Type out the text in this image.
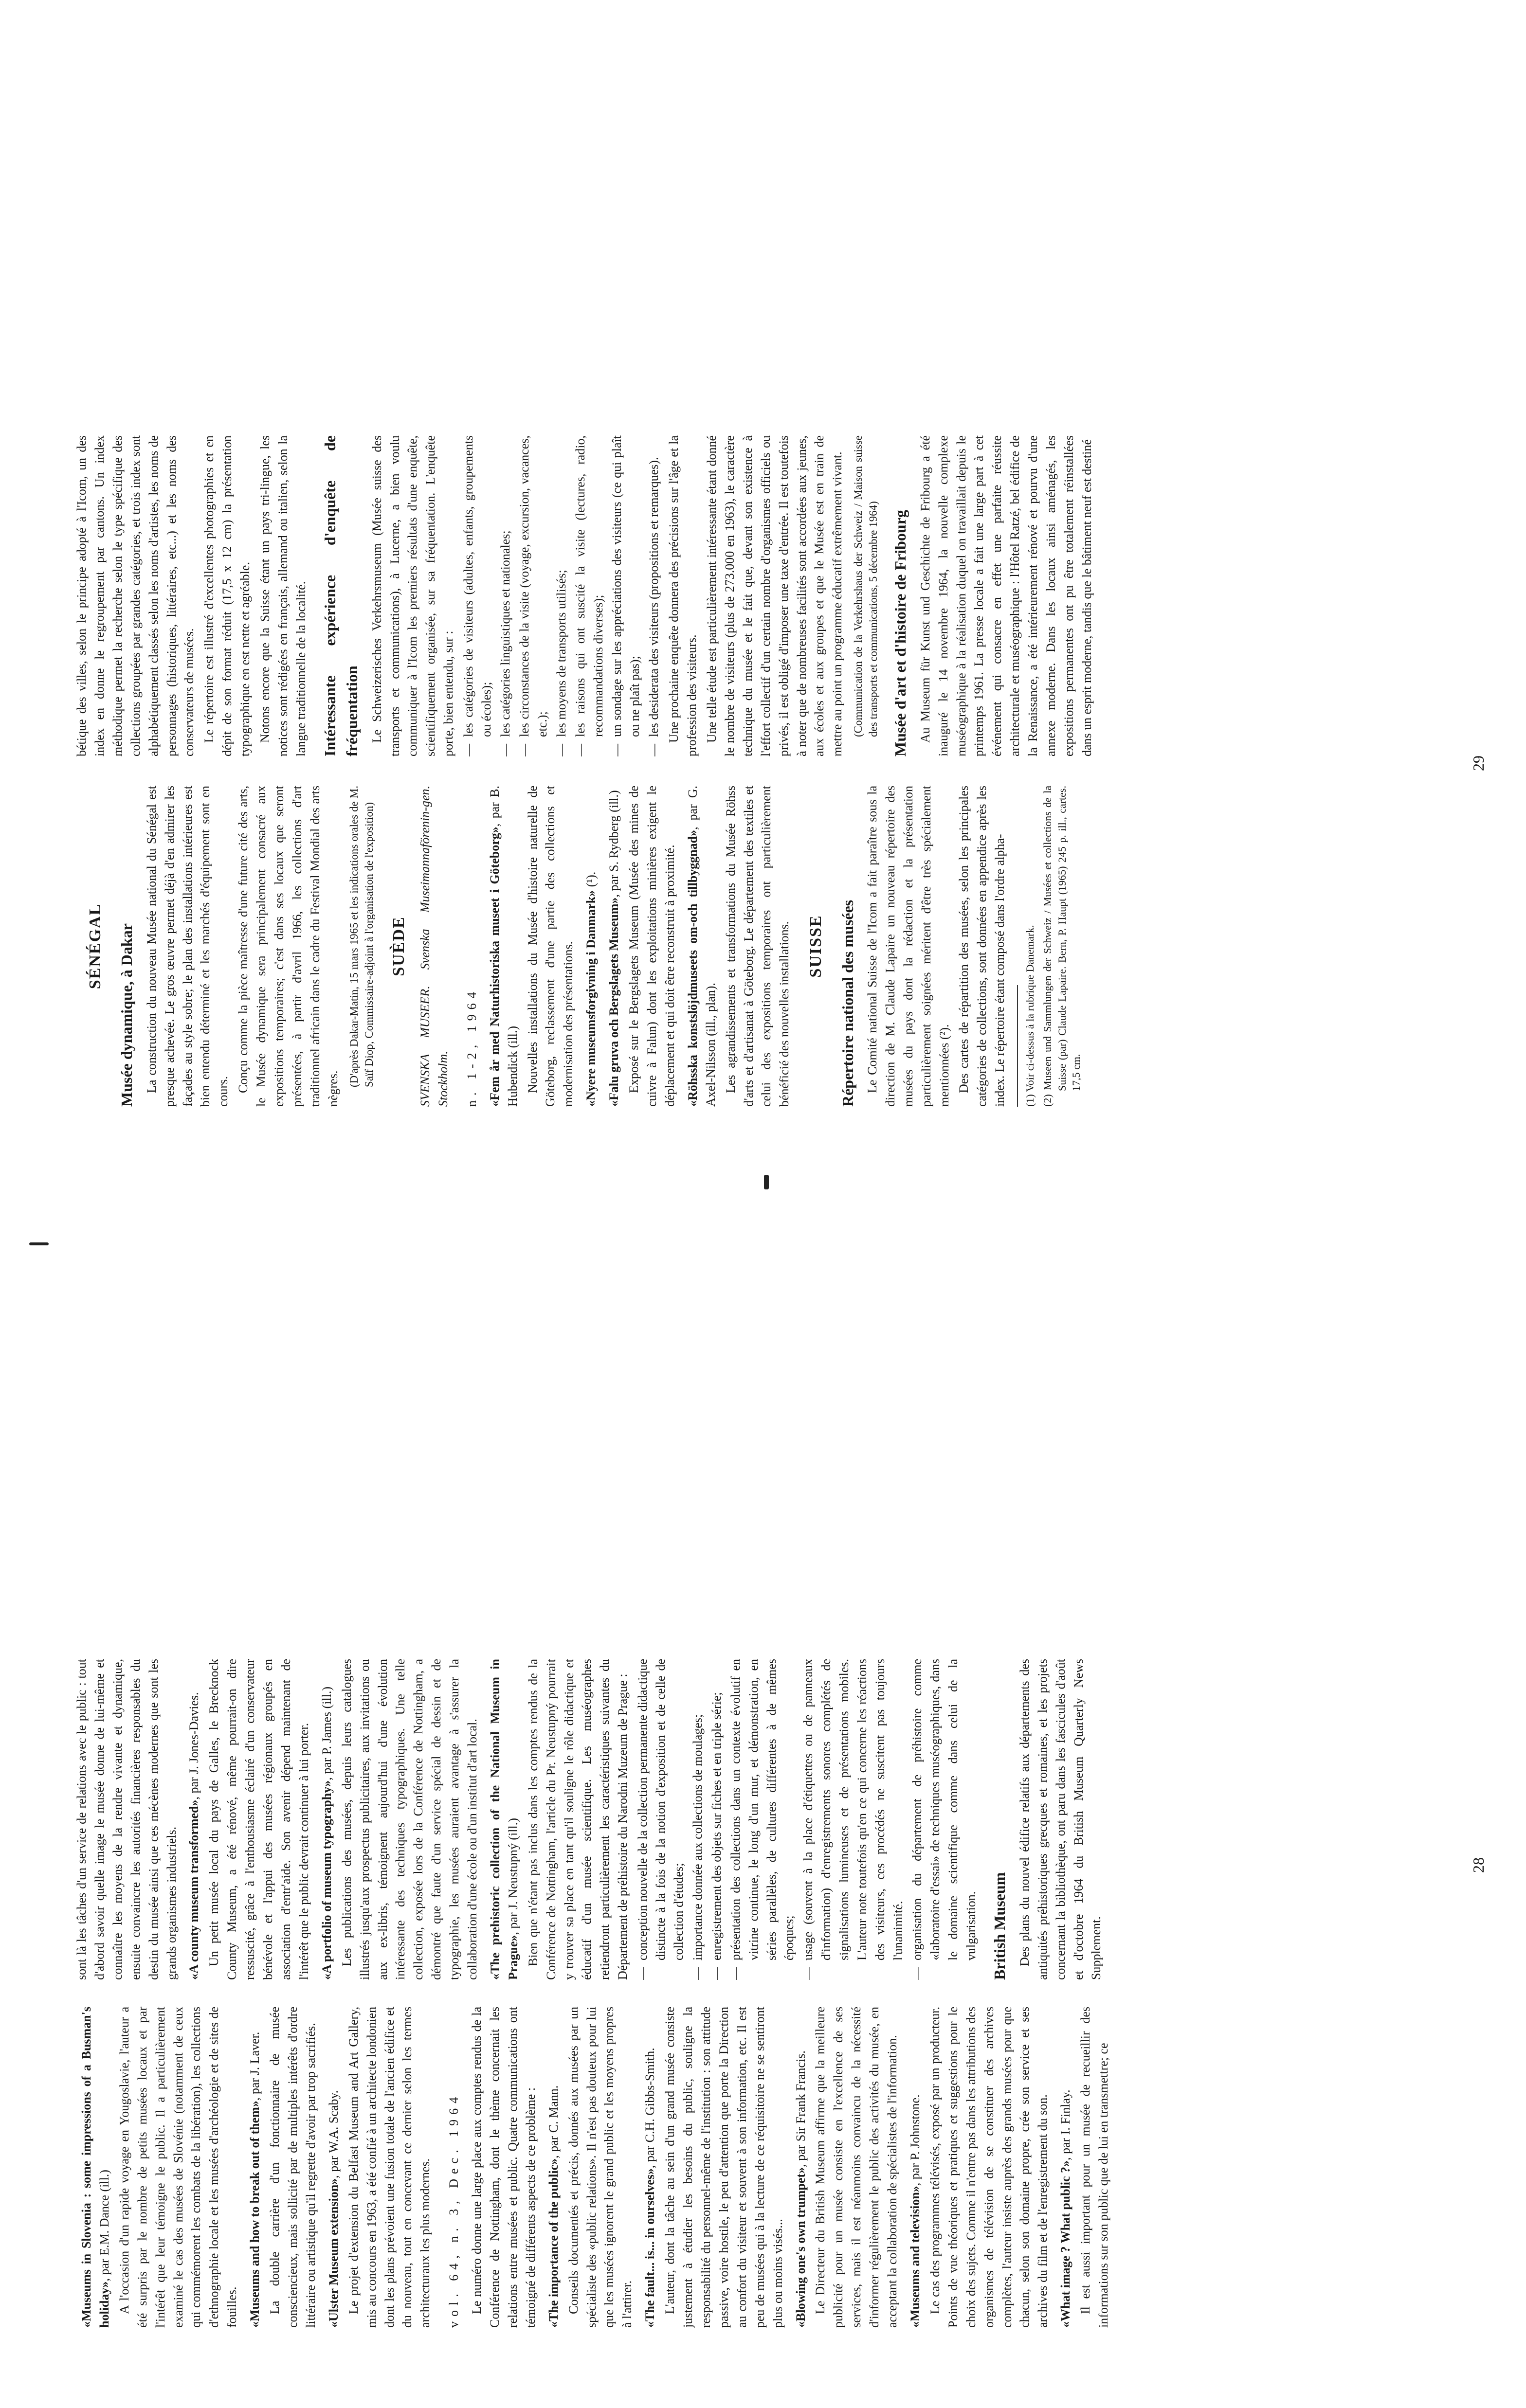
«Museums in Slovenia : some impressions of a Busman's holiday», par E.M. Dance (ill.) A l'occasion d'un rapide voyage en Yougoslavie, l'auteur a été surpris par le nombre de petits musées locaux et par l'intérêt que leur témoigne le public. Il a particulièrement examiné le cas des musées de Slovénie (notamment de ceux qui commémorent les combats de la libération), les collections d'ethnographie locale et les musées d'archéologie et de sites de fouilles. «Museums and how to break out of them», par J. Laver. La double carrière d'un fonctionnaire de musée consciencieux, mais sollicité par de multiples intérêts d'ordre littéraire ou artistique qu'il regrette d'avoir par trop sacrifiés. «Ulster Museum extension», par W.A. Scaby. Le projet d'extension du Belfast Museum and Art Gallery, mis au concours en 1963, a été confié à un architecte londonien dont les plans prévoient une fusion totale de l'ancien édifice et du nouveau, tout en concevant ce dernier selon les termes architecturaux les plus modernes. vol. 64, n. 3, Dec. 1964 Le numéro donne une large place aux comptes rendus de la Conférence de Nottingham, dont le thème concernait les relations entre musées et public. Quatre communications ont témoigné de différents aspects de ce problème : «The importance of the public», par C. Mann. Conseils documentés et précis, donnés aux musées par un spécialiste des «public relations». Il n'est pas douteux pour lui que les musées ignorent le grand public et les moyens propres à l'attirer. «The fault... is... in ourselves», par C.H. Gibbs-Smith. L'auteur, dont la tâche au sein d'un grand musée consiste justement à étudier les besoins du public, souligne la responsabilité du personnel-même de l'institution : son attitude passive, voire hostile, le peu d'attention que porte la Direction au confort du visiteur et souvent à son information, etc. Il est peu de musées qui à la lecture de ce réquisitoire ne se sentiront plus ou moins visés... «Blowing one's own trumpet», par Sir Frank Francis. Le Directeur du British Museum affirme que la meilleure publicité pour un musée consiste en l'excellence de ses services, mais il est néanmoins convaincu de la nécessité d'informer régulièrement le public des activités du musée, en acceptant la collaboration de spécialistes de l'information. «Museums and television», par P. Johnstone. Le cas des programmes télévisés, exposé par un producteur. Points de vue théoriques et pratiques et suggestions pour le choix des sujets. Comme il n'entre pas dans les attributions des organismes de télévision de se constituer des archives complètes, l'auteur insiste auprès des grands musées pour que chacun, selon son domaine propre, crée son service et ses archives du film et de l'enregistrement du son. «What image ? What public ?», par I. Finlay. Il est aussi important pour un musée de recueillir des informations sur son public que de lui en transmettre; ce

sont là les tâches d'un service de relations avec le public : tout d'abord savoir quelle image le musée donne de lui-même et connaître les moyens de la rendre vivante et dynamique, ensuite convaincre les autorités financières responsables du destin du musée ainsi que ces mécènes modernes que sont les grands organismes industriels. «A county museum transformed», par J. Jones-Davies. Un petit musée local du pays de Galles, le Brecknock County Museum, a été rénové, même pourrait-on dire ressuscité, grâce à l'enthousiasme éclairé d'un conservateur bénévole et l'appui des musées régionaux groupés en association d'entr'aide. Son avenir dépend maintenant de l'intérêt que le public devrait continuer à lui porter. «A portfolio of museum typography», par P. James (ill.) Les publications des musées, depuis leurs catalogues illustrés jusqu'aux prospectus publicitaires, aux invitations ou aux ex-libris, témoignent aujourd'hui d'une évolution intéressante des techniques typographiques. Une telle collection, exposée lors de la Conférence de Nottingham, a démontré que faute d'un service spécial de dessin et de typographie, les musées auraient avantage à s'assurer la collaboration d'une école ou d'un institut d'art local. «The prehistoric collection of the National Museum in Prague», par J. Neustupný (ill.) Bien que n'étant pas inclus dans les comptes rendus de la Conférence de Nottingham, l'article du Pr. Neustupný pourrait y trouver sa place en tant qu'il souligne le rôle didactique et éducatif d'un musée scientifique. Les muséographes retiendront particulièrement les caractéristiques suivantes du Département de préhistoire du Narodni Muzeum de Prague : — conception nouvelle de la collection permanente didactique distincte à la fois de la notion d'exposition et de celle de collection d'études; — importance donnée aux collections de moulages; — enregistrement des objets sur fiches et en triple série; — présentation des collections dans un contexte évolutif en vitrine continue, le long d'un mur, et démonstration, en séries parallèles, de cultures différentes à de mêmes époques; — usage (souvent à la place d'étiquettes ou de panneaux d'information) d'enregistrements sonores complétés de signalisations lumineuses et de présentations mobiles. L'auteur note toutefois qu'en ce qui concerne les réactions des visiteurs, ces procédés ne suscitent pas toujours l'unanimité. — organisation du département de préhistoire comme «laboratoire d'essai» de techniques muséographiques, dans le domaine scientifique comme dans celui de la vulgarisation. British Museum Des plans du nouvel édifice relatifs aux départements des antiquités préhistoriques grecques et romaines, et les projets concernant la bibliothèque, ont paru dans les fascicules d'août et d'octobre 1964 du British Museum Quarterly News Supplement.

28
SÉNÉGAL Musée dynamique, à Dakar La construction du nouveau Musée national du Sénégal est presque achevée. Le gros œuvre permet déjà d'en admirer les façades au style sobre; le plan des installations intérieures est bien entendu déterminé et les marchés d'équipement sont en cours. Conçu comme la pièce maîtresse d'une future cité des arts, le Musée dynamique sera principalement consacré aux expositions temporaires; c'est dans ses locaux que seront présentées, à partir d'avril 1966, les collections d'art traditionnel africain dans le cadre du Festival Mondial des arts nègres.

(D'après Dakar-Matin, 15 mars 1965 et les indications orales de M. Saïf Diop, Commissaire-adjoint à l'organisation de l'exposition) SUÈDE SVENSKA MUSEER. Svenska Museimannaförenin-gen. Stockholm. n. 1-2, 1964 «Fem år med Naturhistoriska museet i Göteborg», par B. Hubendick (ill.) Nouvelles installations du Musée d'histoire naturelle de Göteborg, reclassement d'une partie des collections et modernisation des présentations. «Nyere museumsforgivning i Danmark» (¹).
«Falu gruva och Bergslagets Museum», par S. Rydberg (ill.) Exposé sur le Bergslagets Museum (Musée des mines de cuivre à Falun) dont les exploitations minières exigent le déplacement et qui doit être reconstruit à proximité. «Röhsska konstslöjdmuseets om-och tillbyggnad», par G. Axel-Nilsson (ill., plan). Les agrandissements et transformations du Musée Röhss d'arts et d'artisanat à Göteborg. Le département des textiles et celui des expositions temporaires ont particulièrement bénéficié des nouvelles installations. SUISSE Répertoire national des musées Le Comité national Suisse de l'Icom a fait paraître sous la direction de M. Claude Lapaire un nouveau répertoire des musées du pays dont la rédaction et la présentation particulièrement soignées méritent d'être très spécialement mentionnées (²). Des cartes de répartition des musées, selon les principales catégories de collections, sont données en appendice après les index. Le répertoire étant composé dans l'ordre alpha- (1) Voir ci-dessus à la rubrique Danemark. (2) Museen und Sammlungen der Schweiz / Musées et collections de la Suisse (par) Claude Lapaire. Bern, P. Haupt (1965) 245 p. ill., cartes. 17,5 cm.

bétique des villes, selon le principe adopté à l'Icom, un des index en donne le regroupement par cantons. Un index méthodique permet la recherche selon le type spécifique des collections groupées par grandes catégories, et trois index sont alphabétiquement classés selon les noms d'artistes, les noms de personnages (historiques, littéraires, etc...) et les noms des conservateurs de musées. Le répertoire est illustré d'excellentes photographies et en dépit de son format réduit (17,5 x 12 cm) la présentation typographique en est nette et agréable. Notons encore que la Suisse étant un pays tri-lingue, les notices sont rédigées en français, allemand ou italien, selon la langue traditionnelle de la localité. Intéressante expérience d'enquête de fréquentation Le Schweizerisches Verkehrsmuseum (Musée suisse des transports et communications), à Lucerne, a bien voulu communiquer à l'Icom les premiers résultats d'une enquête, scientifiquement organisée, sur sa fréquentation. L'enquête porte, bien entendu, sur : — les catégories de visiteurs (adultes, enfants, groupements ou écoles); — les catégories linguistiques et nationales; — les circonstances de la visite (voyage, excursion, vacances, etc.); — les moyens de transports utilisés; — les raisons qui ont suscité la visite (lectures, radio, recommandations diverses); — un sondage sur les appréciations des visiteurs (ce qui plaît ou ne plaît pas); — les desiderata des visiteurs (propositions et remarques). Une prochaine enquête donnera des précisions sur l'âge et la profession des visiteurs. Une telle étude est particulièrement intéressante étant donné le nombre de visiteurs (plus de 273.000 en 1963), le caractère technique du musée et le fait que, devant son existence à l'effort collectif d'un certain nombre d'organismes officiels ou privés, il est obligé d'imposer une taxe d'entrée. Il est toutefois à noter que de nombreuses facilités sont accordées aux jeunes, aux écoles et aux groupes et que le Musée est en train de mettre au point un programme éducatif extrêmement vivant. (Communication de la Verkehrshaus der Schweiz / Maison suisse des transports et communications, 5 décembre 1964) Musée d'art et d'histoire de Fribourg Au Museum für Kunst und Geschichte de Fribourg a été inauguré le 14 novembre 1964, la nouvelle complexe muséographique à la réalisation duquel on travaillait depuis le printemps 1961. La presse locale a fait une large part à cet événement qui consacre en effet une parfaite réussite architecturale et muséographique : l'Hôtel Ratzé, bel édifice de la Renaissance, a été intérieurement rénové et pourvu d'une annexe moderne. Dans les locaux ainsi aménagés, les expositions permanentes ont pu être totalement réinstallées dans un esprit moderne, tandis que le bâtiment neuf est destiné

29
